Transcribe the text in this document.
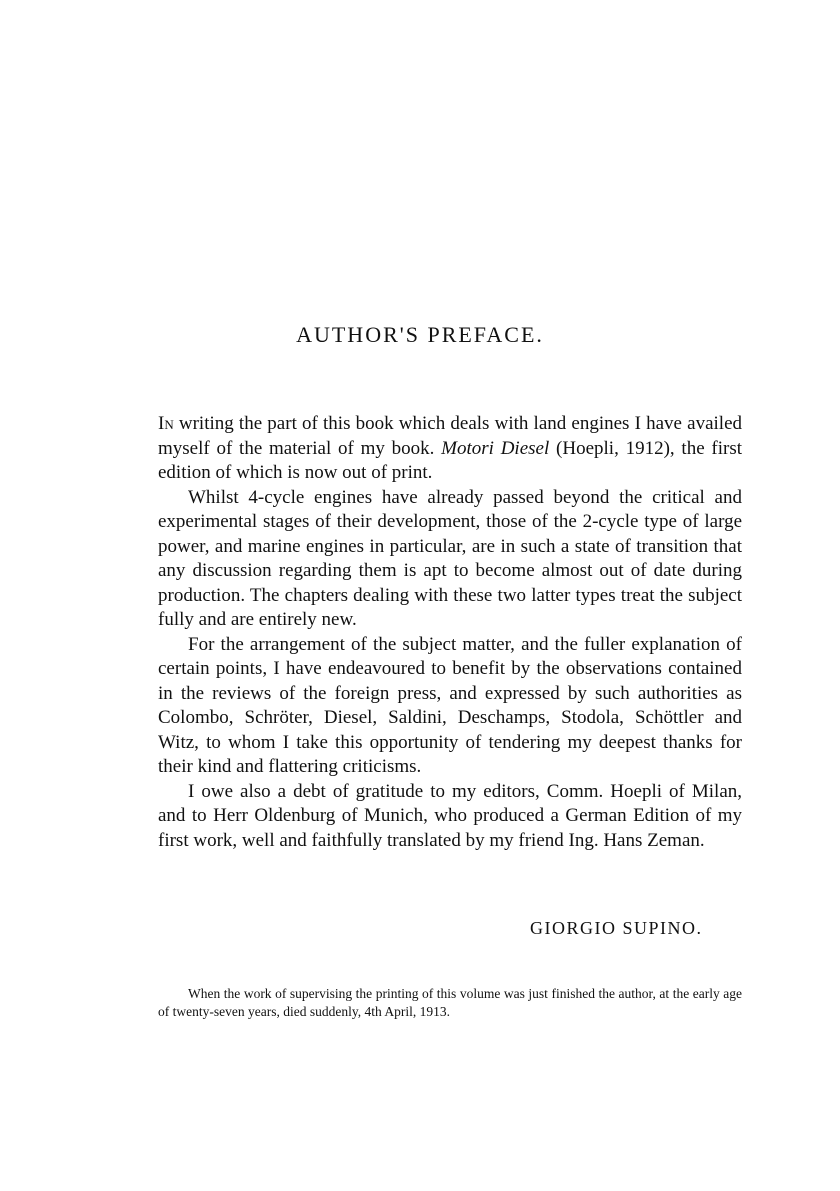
AUTHOR'S PREFACE.

In writing the part of this book which deals with land engines I have availed myself of the material of my book. Motori Diesel (Hoepli, 1912), the first edition of which is now out of print.

Whilst 4-cycle engines have already passed beyond the critical and experimental stages of their development, those of the 2-cycle type of large power, and marine engines in particular, are in such a state of transition that any discussion regarding them is apt to become almost out of date during production. The chapters dealing with these two latter types treat the subject fully and are entirely new.

For the arrangement of the subject matter, and the fuller explanation of certain points, I have endeavoured to benefit by the observations contained in the reviews of the foreign press, and expressed by such authorities as Colombo, Schröter, Diesel, Saldini, Deschamps, Stodola, Schöttler and Witz, to whom I take this opportunity of tendering my deepest thanks for their kind and flattering criticisms.

I owe also a debt of gratitude to my editors, Comm. Hoepli of Milan, and to Herr Oldenburg of Munich, who produced a German Edition of my first work, well and faithfully translated by my friend Ing. Hans Zeman.

GIORGIO SUPINO.

When the work of supervising the printing of this volume was just finished the author, at the early age of twenty-seven years, died suddenly, 4th April, 1913.
